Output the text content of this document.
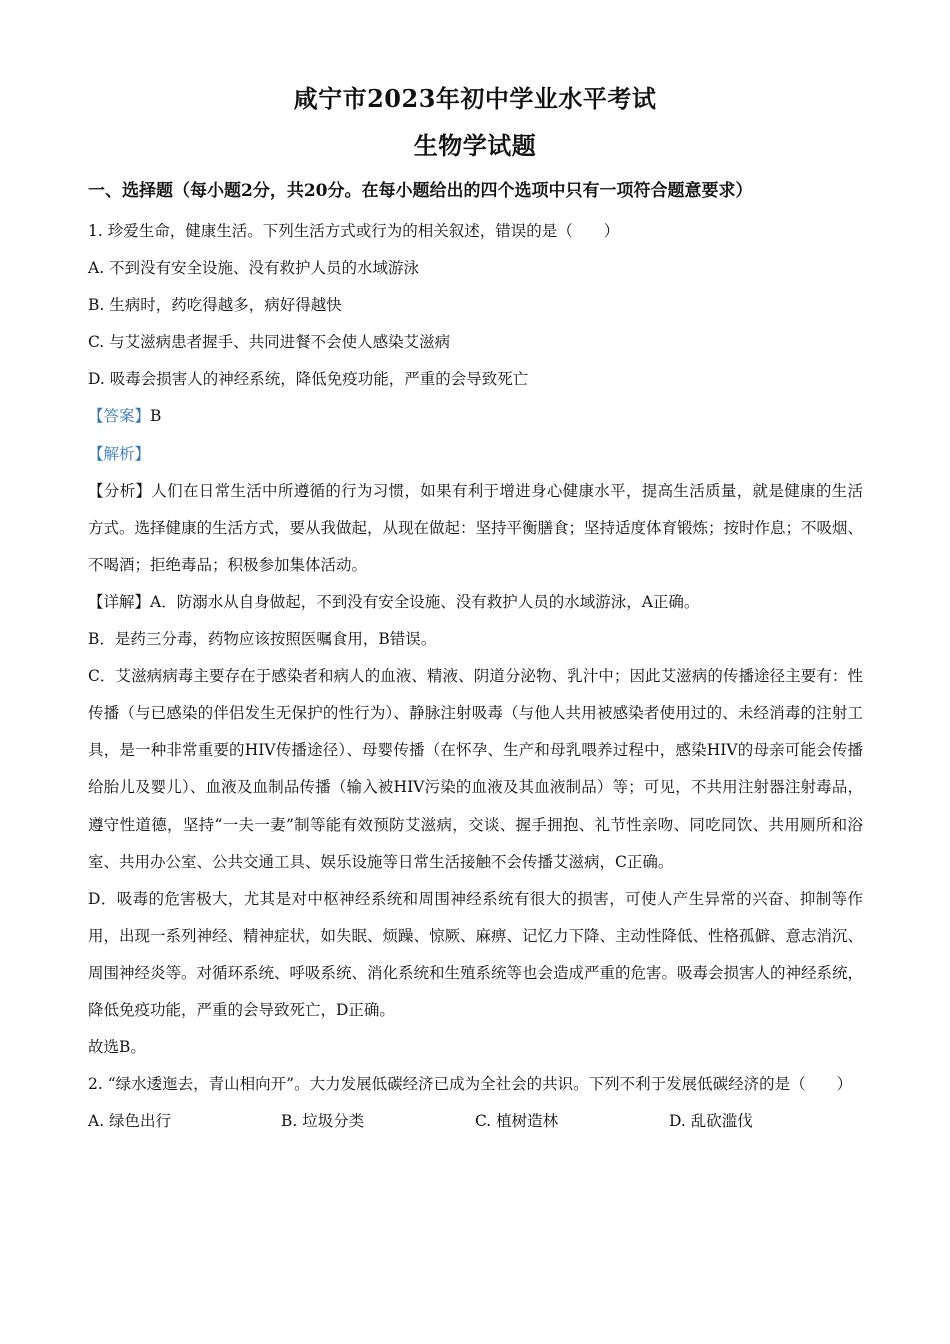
咸宁市2023年初中学业水平考试
生物学试题
一、选择题（每小题2分，共20分。在每小题给出的四个选项中只有一项符合题意要求）

1. 珍爱生命，健康生活。下列生活方式或行为的相关叙述，错误的是（　　）

A. 不到没有安全设施、没有救护人员的水域游泳

B. 生病时，药吃得越多，病好得越快

C. 与艾滋病患者握手、共同进餐不会使人感染艾滋病

D. 吸毒会损害人的神经系统，降低免疫功能，严重的会导致死亡

【答案】B

【解析】

【分析】人们在日常生活中所遵循的行为习惯，如果有利于增进身心健康水平，提高生活质量，就是健康的生活方式。选择健康的生活方式，要从我做起，从现在做起：坚持平衡膳食；坚持适度体育锻炼；按时作息；不吸烟、不喝酒；拒绝毒品；积极参加集体活动。

【详解】A．防溺水从自身做起，不到没有安全设施、没有救护人员的水域游泳，A正确。

B．是药三分毒，药物应该按照医嘱食用，B错误。

C．艾滋病病毒主要存在于感染者和病人的血液、精液、阴道分泌物、乳汁中；因此艾滋病的传播途径主要有：性传播（与已感染的伴侣发生无保护的性行为）、静脉注射吸毒（与他人共用被感染者使用过的、未经消毒的注射工具，是一种非常重要的HIV传播途径）、母婴传播（在怀孕、生产和母乳喂养过程中，感染HIV的母亲可能会传播给胎儿及婴儿）、血液及血制品传播（输入被HIV污染的血液及其血液制品）等；可见，不共用注射器注射毒品，遵守性道德，坚持“一夫一妻”制等能有效预防艾滋病，交谈、握手拥抱、礼节性亲吻、同吃同饮、共用厕所和浴室、共用办公室、公共交通工具、娱乐设施等日常生活接触不会传播艾滋病，C正确。

D．吸毒的危害极大，尤其是对中枢神经系统和周围神经系统有很大的损害，可使人产生异常的兴奋、抑制等作用，出现一系列神经、精神症状，如失眠、烦躁、惊厥、麻痹、记忆力下降、主动性降低、性格孤僻、意志消沉、周围神经炎等。对循环系统、呼吸系统、消化系统和生殖系统等也会造成严重的危害。吸毒会损害人的神经系统，降低免疫功能，严重的会导致死亡，D正确。

故选B。

2. “绿水逶迤去，青山相向开”。大力发展低碳经济已成为全社会的共识。下列不利于发展低碳经济的是（　　）

A. 绿色出行	B. 垃圾分类	C. 植树造林	D. 乱砍滥伐
